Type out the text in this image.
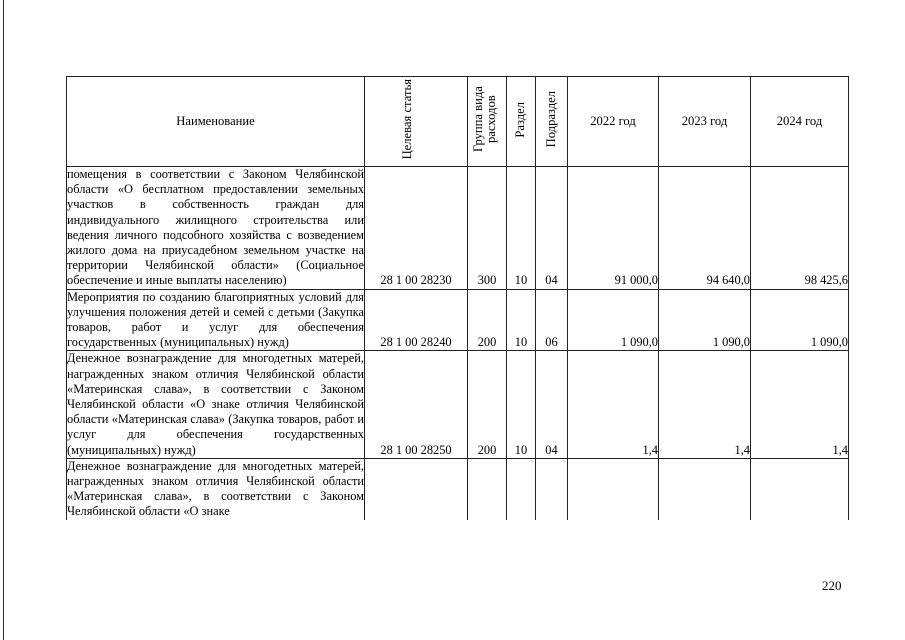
Наименование	Целевая статья	Группа вида расходов	Раздел	Подраздел	2022 год	2023 год	2024 год
помещения в соответствии с Законом Челябинской области «О бесплатном предоставлении земельных участков в собственность граждан для индивидуального жилищного строительства или ведения личного подсобного хозяйства с возведением жилого дома на приусадебном земельном участке на территории Челябинской области» (Социальное обеспечение и иные выплаты населению)	28 1 00 28230	300	10	04	91 000,0	94 640,0	98 425,6
Мероприятия по созданию благоприятных условий для улучшения положения детей и семей с детьми (Закупка товаров, работ и услуг для обеспечения государственных (муниципальных) нужд)	28 1 00 28240	200	10	06	1 090,0	1 090,0	1 090,0
Денежное вознаграждение для многодетных матерей, награжденных знаком отличия Челябинской области «Материнская слава», в соответствии с Законом Челябинской области «О знаке отличия Челябинской области «Материнская слава» (Закупка товаров, работ и услуг для обеспечения государственных (муниципальных) нужд)	28 1 00 28250	200	10	04	1,4	1,4	1,4
Денежное вознаграждение для многодетных матерей, награжденных знаком отличия Челябинской области «Материнская слава», в соответствии с Законом Челябинской области «О знаке							
220
